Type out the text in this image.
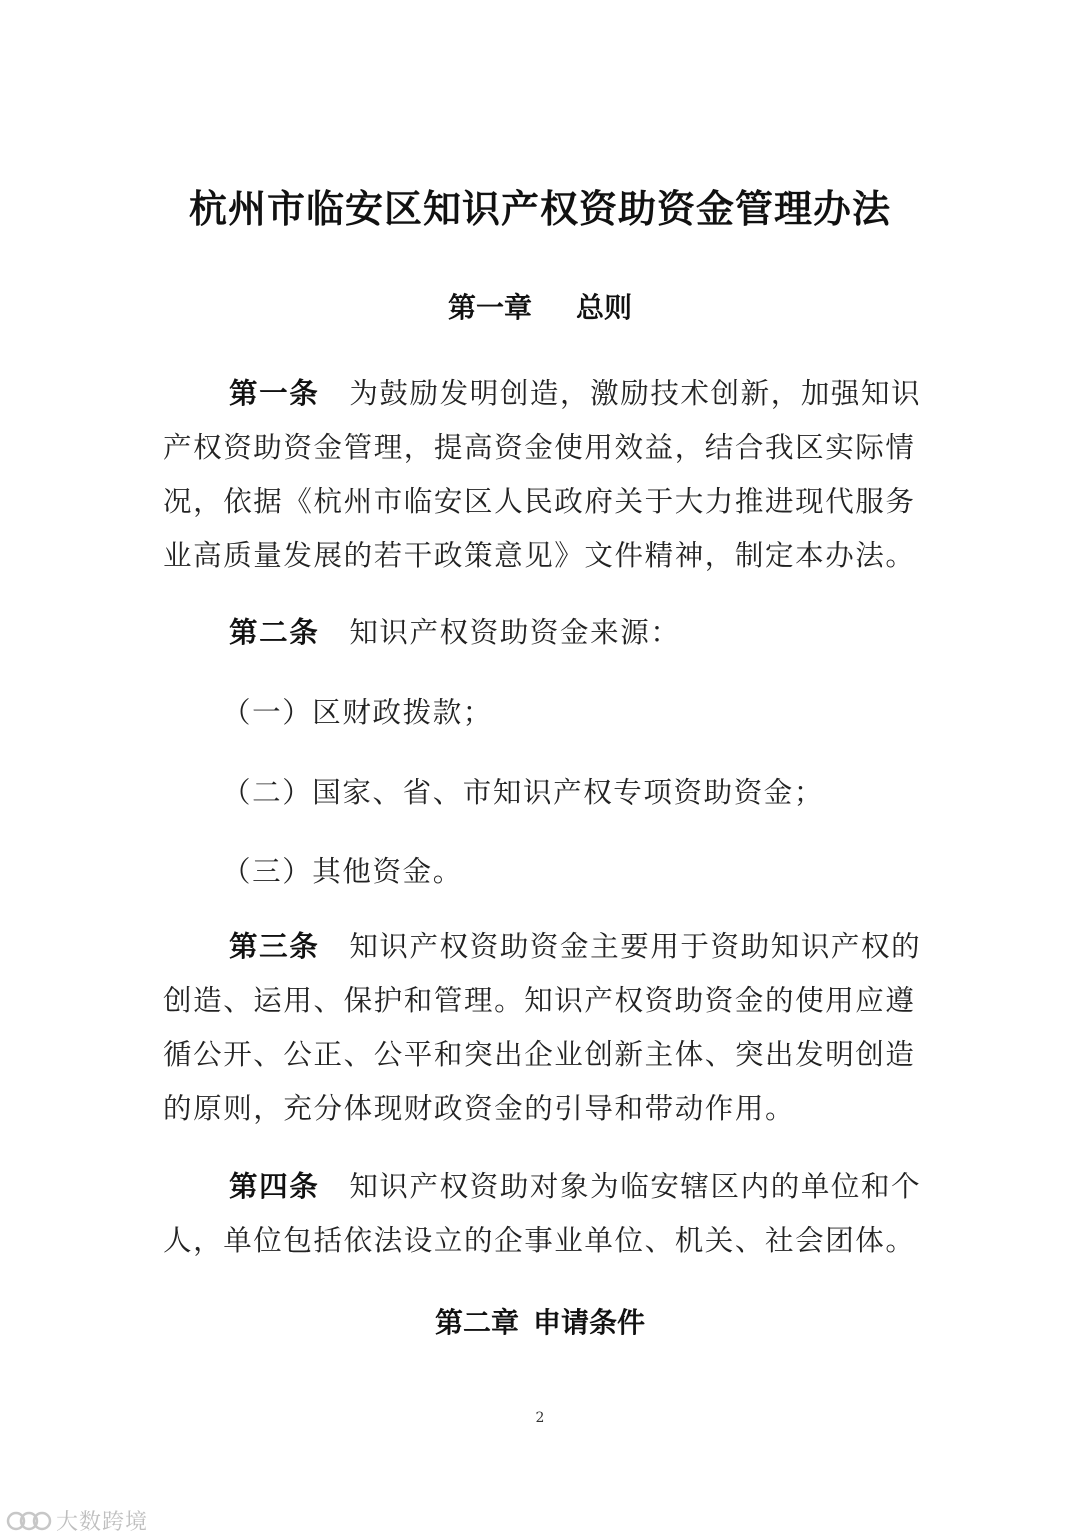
杭州市临安区知识产权资助资金管理办法
第一章 总则

第一条 为鼓励发明创造，激励技术创新，加强知识产权资助资金管理，提高资金使用效益，结合我区实际情况，依据《杭州市临安区人民政府关于大力推进现代服务业高质量发展的若干政策意见》文件精神，制定本办法。

第二条 知识产权资助资金来源：

（一）区财政拨款；

（二）国家、省、市知识产权专项资助资金；

（三）其他资金。

第三条 知识产权资助资金主要用于资助知识产权的创造、运用、保护和管理。知识产权资助资金的使用应遵循公开、公正、公平和突出企业创新主体、突出发明创造的原则，充分体现财政资金的引导和带动作用。

第四条 知识产权资助对象为临安辖区内的单位和个人，单位包括依法设立的企事业单位、机关、社会团体。

第二章 申请条件
2
大数跨境
